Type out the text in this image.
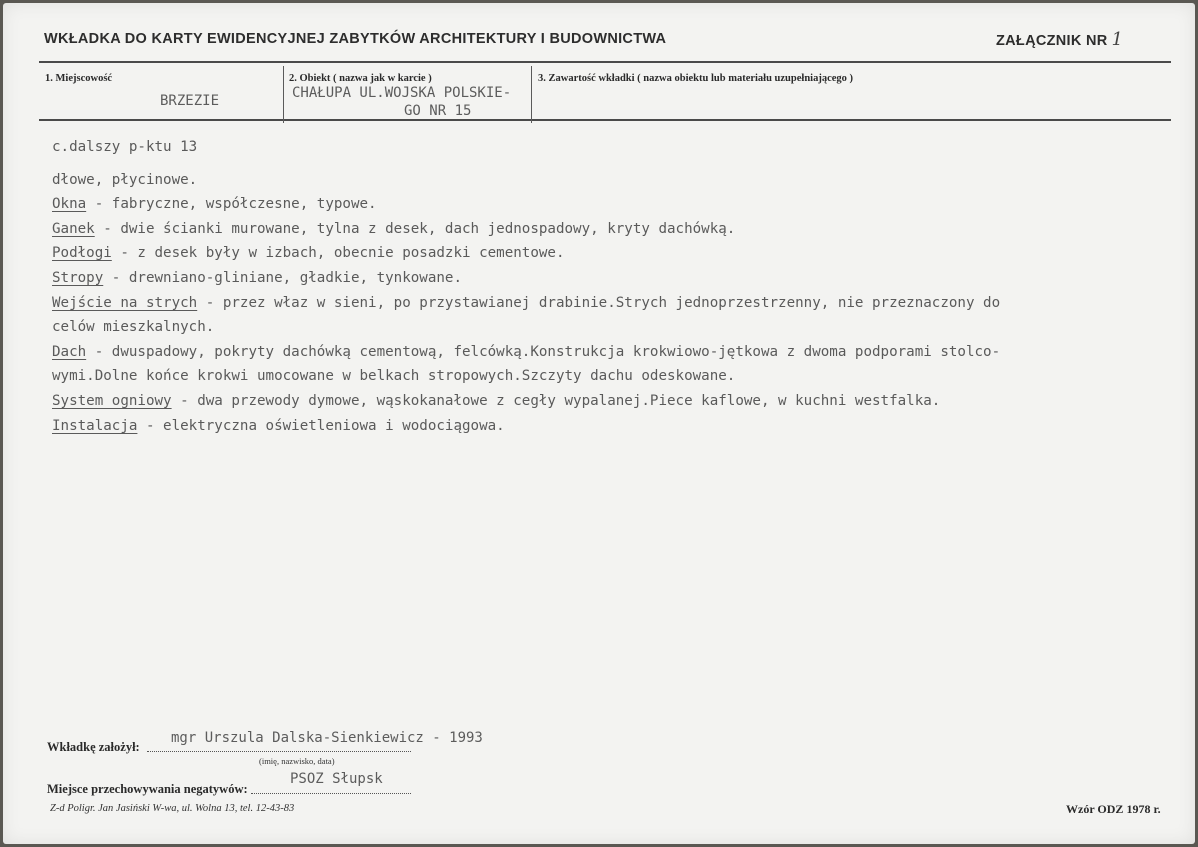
WKŁADKA DO KARTY EWIDENCYJNEJ ZABYTKÓW ARCHITEKTURY I BUDOWNICTWA	ZAŁĄCZNIK NR 1
1. Miejscowość
BRZEZIE
2. Obiekt ( nazwa jak w karcie )
CHAŁUPA UL.WOJSKA POLSKIE-
GO NR 15
3. Zawartość wkładki ( nazwa obiektu lub materiału uzupełniającego )
c.dalszy p-ktu 13
dłowe, płycinowe.
Okna - fabryczne, współczesne, typowe.
Ganek - dwie ścianki murowane, tylna z desek, dach jednospadowy, kryty dachówką.
Podłogi - z desek były w izbach, obecnie posadzki cementowe.
Stropy - drewniano-gliniane, gładkie, tynkowane.
Wejście na strych - przez właz w sieni, po przystawianej drabinie.Strych jednoprzestrzenny, nie przeznaczony do
celów mieszkalnych.
Dach - dwuspadowy, pokryty dachówką cementową, felcówką.Konstrukcja krokwiowo-jętkowa z dwoma podporami stolco-
wymi.Dolne końce krokwi umocowane w belkach stropowych.Szczyty dachu odeskowane.
System ogniowy - dwa przewody dymowe, wąskokanałowe z cegły wypalanej.Piece kaflowe, w kuchni westfalka.
Instalacja - elektryczna oświetleniowa i wodociągowa.
Wkładkę założył:
mgr Urszula Dalska-Sienkiewicz - 1993
(imię, nazwisko, data)
Miejsce przechowywania negatywów:
PSOZ Słupsk
Z-d Poligr. Jan Jasiński W-wa, ul. Wolna 13, tel. 12-43-83	Wzór ODZ 1978 r.
